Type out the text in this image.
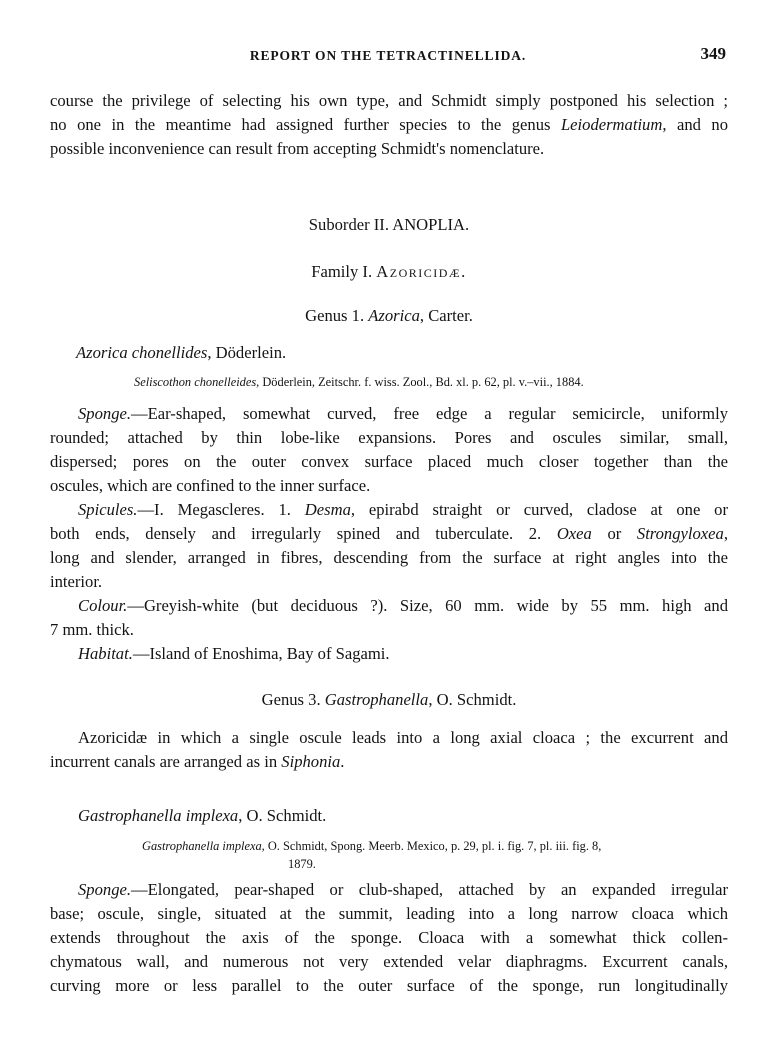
REPORT ON THE TETRACTINELLIDA.	349
course the privilege of selecting his own type, and Schmidt simply postponed his selection ;
no one in the meantime had assigned further species to the genus Leiodermatium, and no
possible inconvenience can result from accepting Schmidt's nomenclature.
Suborder II. ANOPLIA.
Family I. Azoricidæ.
Genus 1. Azorica, Carter.
Azorica chonellides, Döderlein.
Seliscothon chonelleides, Döderlein, Zeitschr. f. wiss. Zool., Bd. xl. p. 62, pl. v.–vii., 1884.
Sponge.—Ear-shaped, somewhat curved, free edge a regular semicircle, uniformly
rounded; attached by thin lobe-like expansions. Pores and oscules similar, small,
dispersed; pores on the outer convex surface placed much closer together than the
oscules, which are confined to the inner surface.
Spicules.—I. Megascleres. 1. Desma, epirabd straight or curved, cladose at one or
both ends, densely and irregularly spined and tuberculate. 2. Oxea or Strongyloxea,
long and slender, arranged in fibres, descending from the surface at right angles into the
interior.
Colour.—Greyish-white (but deciduous ?). Size, 60 mm. wide by 55 mm. high and
7 mm. thick.
Habitat.—Island of Enoshima, Bay of Sagami.
Genus 3. Gastrophanella, O. Schmidt.
Azoricidæ in which a single oscule leads into a long axial cloaca ; the excurrent and
incurrent canals are arranged as in Siphonia.
Gastrophanella implexa, O. Schmidt.
Gastrophanella implexa, O. Schmidt, Spong. Meerb. Mexico, p. 29, pl. i. fig. 7, pl. iii. fig. 8,
1879.
Sponge.—Elongated, pear-shaped or club-shaped, attached by an expanded irregular
base; oscule, single, situated at the summit, leading into a long narrow cloaca which
extends throughout the axis of the sponge. Cloaca with a somewhat thick collen-
chymatous wall, and numerous not very extended velar diaphragms. Excurrent canals,
curving more or less parallel to the outer surface of the sponge, run longitudinally
